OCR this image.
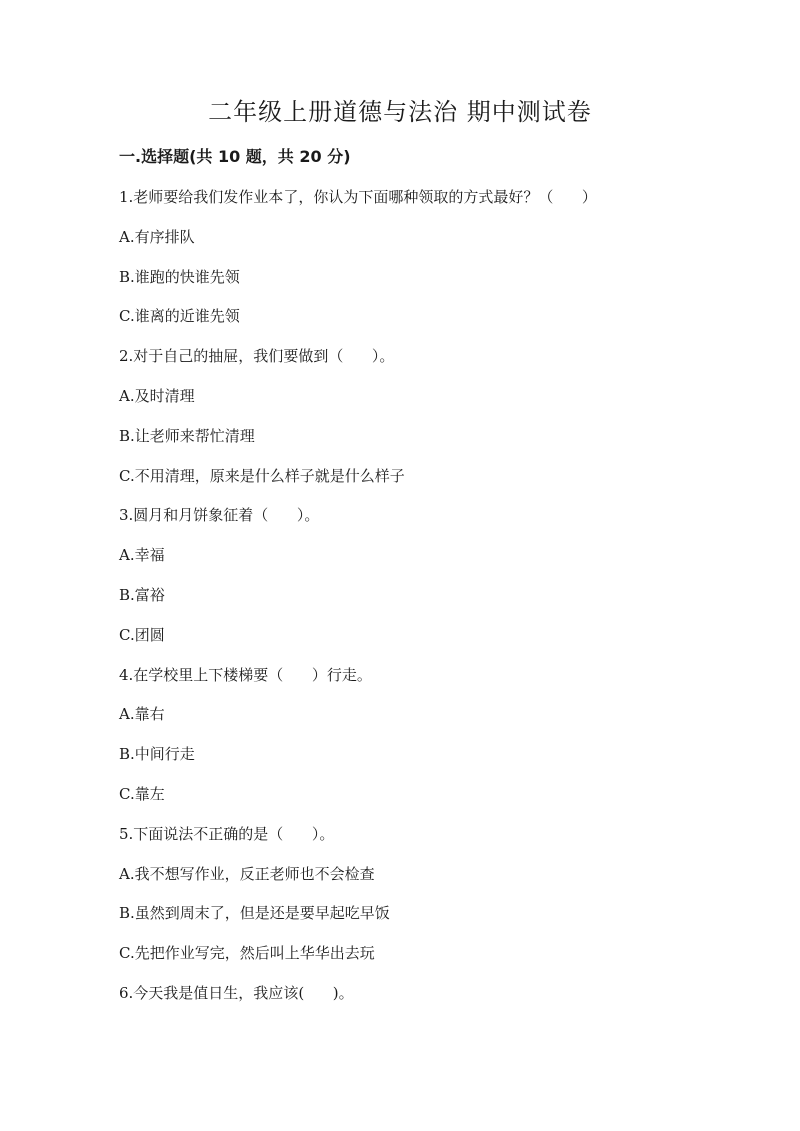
二年级上册道德与法治 期中测试卷
一.选择题(共 10 题，共 20 分)
1.老师要给我们发作业本了，你认为下面哪种领取的方式最好？（      ）
A.有序排队
B.谁跑的快谁先领
C.谁离的近谁先领
2.对于自己的抽屉，我们要做到（      ）。
A.及时清理
B.让老师来帮忙清理
C.不用清理，原来是什么样子就是什么样子
3.圆月和月饼象征着（      ）。
A.幸福
B.富裕
C.团圆
4.在学校里上下楼梯要（      ）行走。
A.靠右
B.中间行走
C.靠左
5.下面说法不正确的是（      ）。
A.我不想写作业，反正老师也不会检查
B.虽然到周末了，但是还是要早起吃早饭
C.先把作业写完，然后叫上华华出去玩
6.今天我是值日生，我应该(      )。
